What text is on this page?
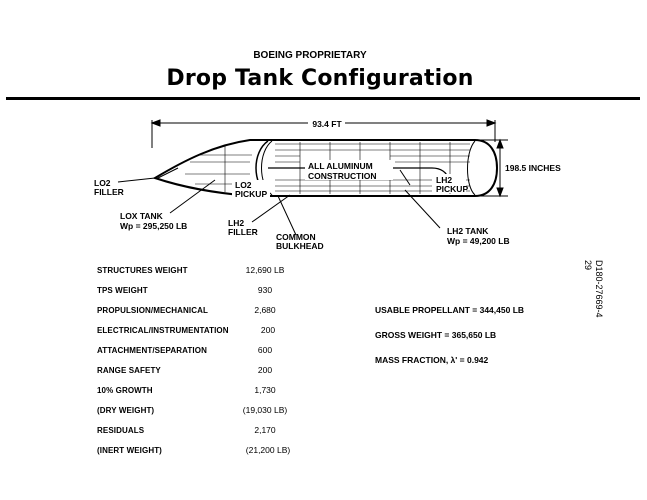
BOEING PROPRIETARY
Drop Tank Configuration
93.4 FT
198.5 INCHES
LO2 FILLER
LO2 PICKUP
ALL ALUMINUM CONSTRUCTION	LH2 PICKUP
LOX TANK Wp = 295,250 LB	LH2 FILLER COMMON BULKHEAD
LH2 TANK Wp = 49,200 LB
STRUCTURES WEIGHT	12,690 LB
TPS WEIGHT	930
PROPULSION/MECHANICAL	2,680
ELECTRICAL/INSTRUMENTATION	200
ATTACHMENT/SEPARATION	600
RANGE SAFETY	200
10% GROWTH	1,730
(DRY WEIGHT)	(19,030 LB)
RESIDUALS	2,170
(INERT WEIGHT)	(21,200 LB)
USABLE PROPELLANT = 344,450 LB
GROSS WEIGHT = 365,650 LB
MASS FRACTION, λ' = 0.942
D180-27669-4
29
